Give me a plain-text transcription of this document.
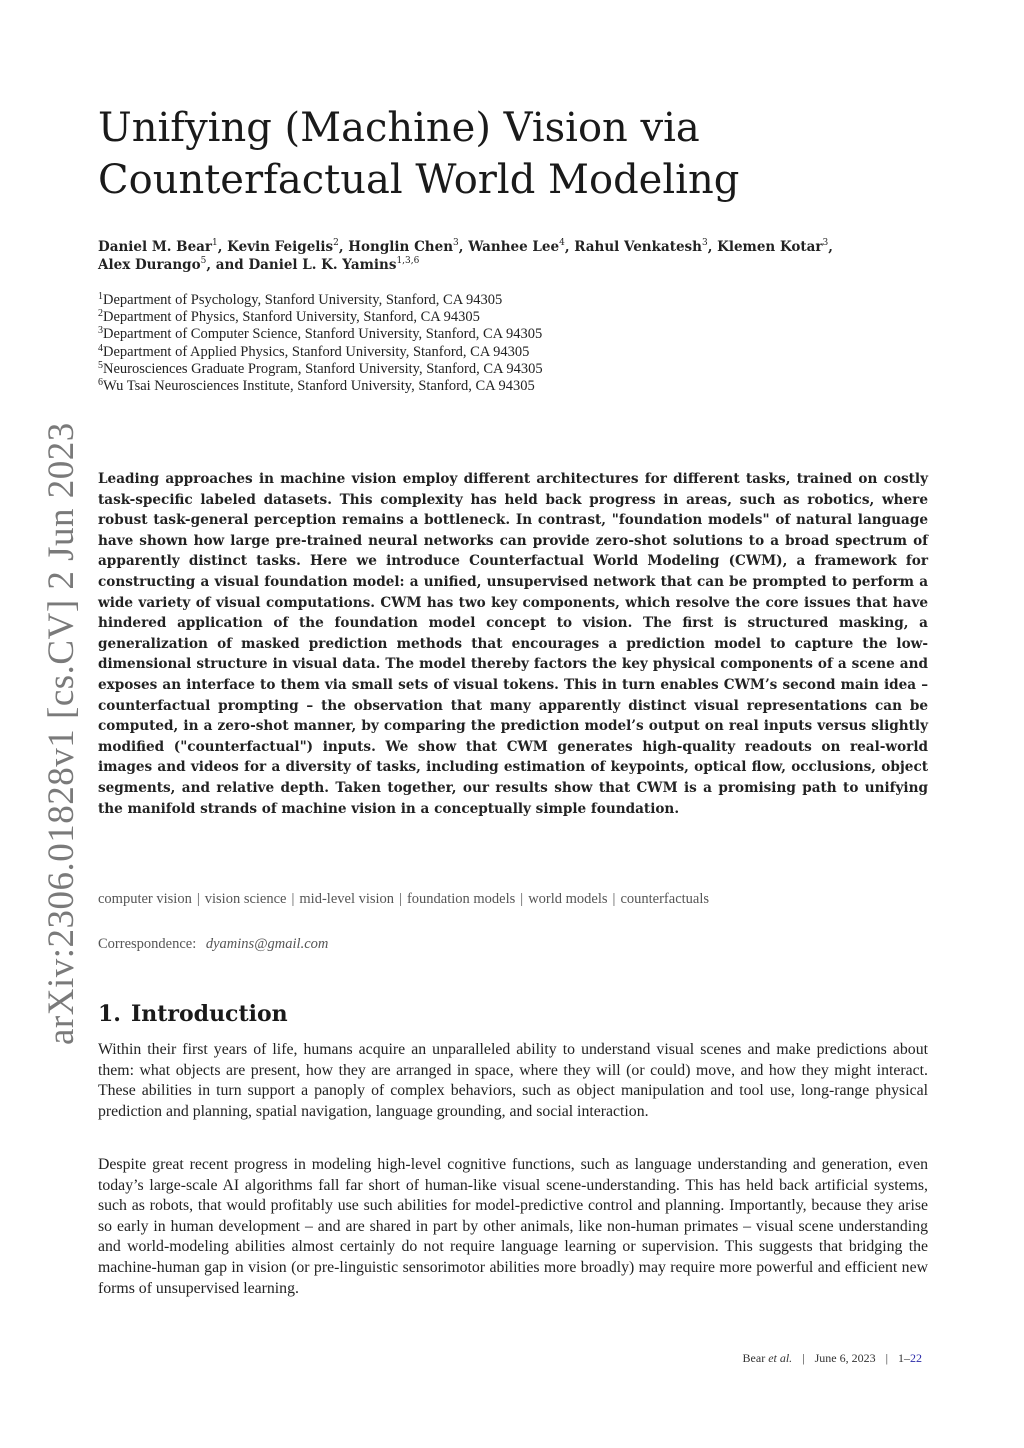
arXiv:2306.01828v1 [cs.CV] 2 Jun 2023
Unifying (Machine) Vision via
Counterfactual World Modeling
Daniel M. Bear$^1$, Kevin Feigelis$^2$, Honglin Chen$^3$, Wanhee Lee$^4$, Rahul Venkatesh$^3$, Klemen Kotar$^3$,
Alex Durango$^5$, and Daniel L. K. Yamins$^{1,3,6}$
$^1$Department of Psychology, Stanford University, Stanford, CA 94305
$^2$Department of Physics, Stanford University, Stanford, CA 94305
$^3$Department of Computer Science, Stanford University, Stanford, CA 94305
$^4$Department of Applied Physics, Stanford University, Stanford, CA 94305
$^5$Neurosciences Graduate Program, Stanford University, Stanford, CA 94305
$^6$Wu Tsai Neurosciences Institute, Stanford University, Stanford, CA 94305

Leading approaches in machine vision employ different architectures for different tasks, trained on costly task-specific labeled datasets. This complexity has held back progress in areas, such as robotics, where robust task-general perception remains a bottleneck. In contrast, "foundation models" of natural language have shown how large pre-trained neural networks can provide zero-shot solutions to a broad spectrum of apparently distinct tasks. Here we introduce Counterfactual World Modeling (CWM), a framework for constructing a visual foundation model: a unified, unsupervised network that can be prompted to perform a wide variety of visual computations. CWM has two key components, which resolve the core issues that have hindered application of the foundation model concept to vision. The first is structured masking, a generalization of masked prediction methods that encourages a prediction model to capture the low-dimensional structure in visual data. The model thereby factors the key physical components of a scene and exposes an interface to them via small sets of visual tokens. This in turn enables CWM’s second main idea – counterfactual prompting – the observation that many apparently distinct visual representations can be computed, in a zero-shot manner, by comparing the prediction model’s output on real inputs versus slightly modified ("counterfactual") inputs. We show that CWM generates high-quality readouts on real-world images and videos for a diversity of tasks, including estimation of keypoints, optical flow, occlusions, object segments, and relative depth. Taken together, our results show that CWM is a promising path to unifying the manifold strands of machine vision in a conceptually simple foundation.

computer vision | vision science | mid-level vision | foundation models | world models | counterfactuals
Correspondence: dyamins@gmail.com
1. Introduction

Within their first years of life, humans acquire an unparalleled ability to understand visual scenes and make predictions about them: what objects are present, how they are arranged in space, where they will (or could) move, and how they might interact. These abilities in turn support a panoply of complex behaviors, such as object manipulation and tool use, long-range physical prediction and planning, spatial navigation, language grounding, and social interaction.

Despite great recent progress in modeling high-level cognitive functions, such as language understanding and generation, even today’s large-scale AI algorithms fall far short of human-like visual scene-understanding. This has held back artificial systems, such as robots, that would profitably use such abilities for model-predictive control and planning. Importantly, because they arise so early in human development – and are shared in part by other animals, like non-human primates – visual scene understanding and world-modeling abilities almost certainly do not require language learning or supervision. This suggests that bridging the machine-human gap in vision (or pre-linguistic sensorimotor abilities more broadly) may require more powerful and efficient new forms of unsupervised learning.

Bear et al. | June 6, 2023 | 1–22
